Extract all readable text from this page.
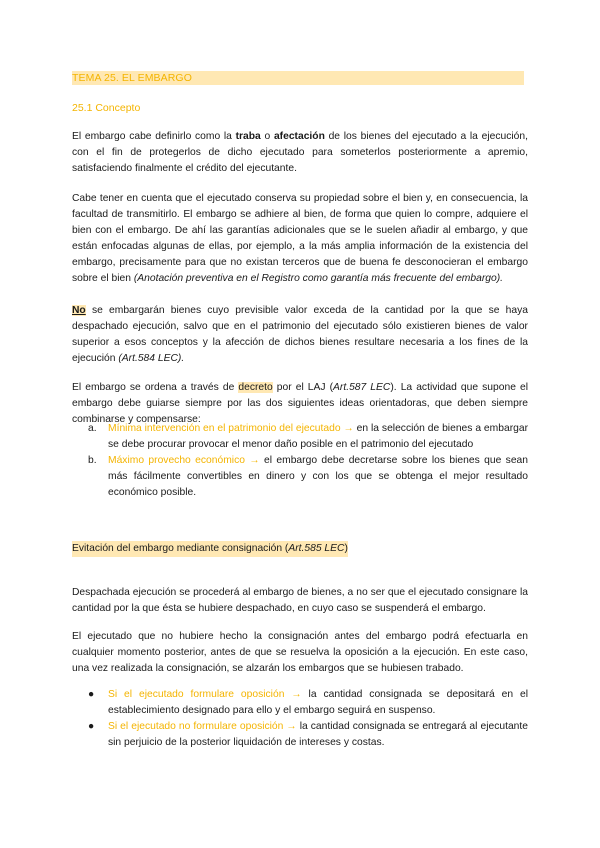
TEMA 25. EL EMBARGO
25.1 Concepto

El embargo cabe definirlo como la traba o afectación de los bienes del ejecutado a la ejecución, con el fin de protegerlos de dicho ejecutado para someterlos posteriormente a apremio, satisfaciendo finalmente el crédito del ejecutante.

Cabe tener en cuenta que el ejecutado conserva su propiedad sobre el bien y, en consecuencia, la facultad de transmitirlo. El embargo se adhiere al bien, de forma que quien lo compre, adquiere el bien con el embargo. De ahí las garantías adicionales que se le suelen añadir al embargo, y que están enfocadas algunas de ellas, por ejemplo, a la más amplia información de la existencia del embargo, precisamente para que no existan terceros que de buena fe desconocieran el embargo sobre el bien (Anotación preventiva en el Registro como garantía más frecuente del embargo).

No se embargarán bienes cuyo previsible valor exceda de la cantidad por la que se haya despachado ejecución, salvo que en el patrimonio del ejecutado sólo existieren bienes de valor superior a esos conceptos y la afección de dichos bienes resultare necesaria a los fines de la ejecución (Art.584 LEC).

El embargo se ordena a través de decreto por el LAJ (Art.587 LEC). La actividad que supone el embargo debe guiarse siempre por las dos siguientes ideas orientadoras, que deben siempre combinarse y compensarse:

a. Mínima intervención en el patrimonio del ejecutado → en la selección de bienes a embargar se debe procurar provocar el menor daño posible en el patrimonio del ejecutado
b. Máximo provecho económico → el embargo debe decretarse sobre los bienes que sean más fácilmente convertibles en dinero y con los que se obtenga el mejor resultado económico posible.
Evitación del embargo mediante consignación (Art.585 LEC)

Despachada ejecución se procederá al embargo de bienes, a no ser que el ejecutado consignare la cantidad por la que ésta se hubiere despachado, en cuyo caso se suspenderá el embargo.

El ejecutado que no hubiere hecho la consignación antes del embargo podrá efectuarla en cualquier momento posterior, antes de que se resuelva la oposición a la ejecución. En este caso, una vez realizada la consignación, se alzarán los embargos que se hubiesen trabado.

● Si el ejecutado formulare oposición → la cantidad consignada se depositará en el establecimiento designado para ello y el embargo seguirá en suspenso.
● Si el ejecutado no formulare oposición → la cantidad consignada se entregará al ejecutante sin perjuicio de la posterior liquidación de intereses y costas.
